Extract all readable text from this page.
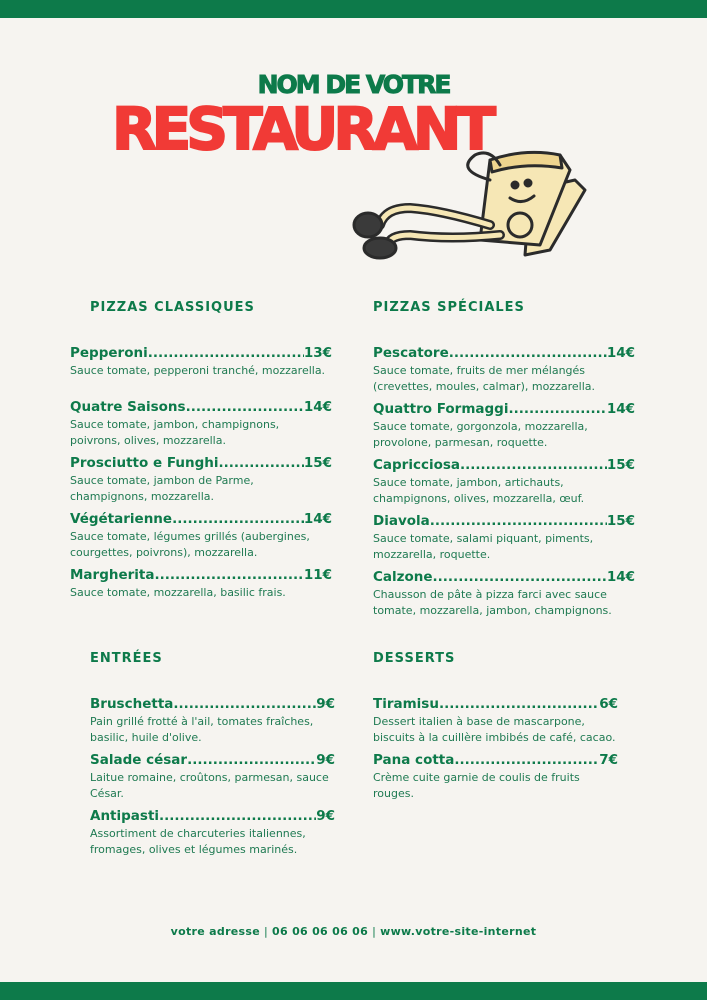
NOM DE VOTRE
RESTAURANT
PIZZAS CLASSIQUES
Pepperoni .....	13€
Sauce tomate, pepperoni tranché, mozzarella.
Quatre Saisons .....	14€
Sauce tomate, jambon, champignons, poivrons, olives, mozzarella.
Prosciutto e Funghi .....	15€
Sauce tomate, jambon de Parme, champignons, mozzarella.
Végétarienne .....	14€
Sauce tomate, légumes grillés (aubergines, courgettes, poivrons), mozzarella.
Margherita .....	11€
Sauce tomate, mozzarella, basilic frais.
PIZZAS SPÉCIALES
Pescatore .....	14€
Sauce tomate, fruits de mer mélangés (crevettes, moules, calmar), mozzarella.
Quattro Formaggi .....	14€
Sauce tomate, gorgonzola, mozzarella, provolone, parmesan, roquette.
Capricciosa .....	15€
Sauce tomate, jambon, artichauts, champignons, olives, mozzarella, œuf.
Diavola .....	15€
Sauce tomate, salami piquant, piments, mozzarella, roquette.
Calzone .....	14€
Chausson de pâte à pizza farci avec sauce tomate, mozzarella, jambon, champignons.
ENTRÉES
Bruschetta .....	9€
Pain grillé frotté à l'ail, tomates fraîches, basilic, huile d'olive.
Salade césar .....	9€
Laitue romaine, croûtons, parmesan, sauce César.
Antipasti .....	9€
Assortiment de charcuteries italiennes, fromages, olives et légumes marinés.
DESSERTS
Tiramisu .....	6€
Dessert italien à base de mascarpone, biscuits à la cuillère imbibés de café, cacao.
Pana cotta .....	7€
Crème cuite garnie de coulis de fruits rouges.
votre adresse | 06 06 06 06 06 | www.votre-site-internet
